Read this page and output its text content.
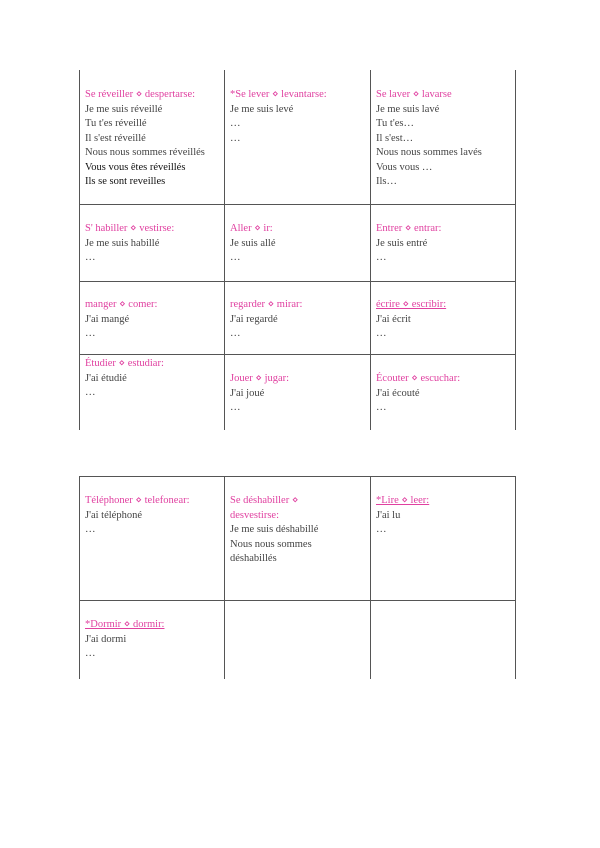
Se réveiller ⋄ despertarse:
Je me suis réveillé
Tu t'es réveillé
Il s'est réveillé
Nous nous sommes réveillés
Vous vous êtes réveillés
Ils se sont reveilles
*Se lever ⋄ levantarse:
Je me suis levé
…
…
Se laver ⋄ lavarse
Je me suis lavé
Tu t'es…
Il s'est…
Nous nous sommes lavés
Vous vous …
Ils…
S' habiller ⋄ vestirse:
Je me suis habillé
…
Aller ⋄ ir:
Je suis allé
…
Entrer ⋄ entrar:
Je suis entré
…
manger ⋄ comer:
J'ai mangé
…
regarder ⋄ mirar:
J'ai regardé
…
écrire ⋄ escribir:
J'ai écrit
…
Étudier ⋄ estudiar:
J'ai étudié
…
Jouer ⋄ jugar:
J'ai joué
…
Écouter ⋄ escuchar:
J'ai écouté
…
Téléphoner ⋄ telefonear:
J'ai téléphoné
…
Se déshabiller ⋄
desvestirse:
Je me suis déshabillé
Nous nous sommes
déshabillés
*Lire ⋄ leer:
J'ai lu
…
*Dormir ⋄ dormir:
J'ai dormi
…
